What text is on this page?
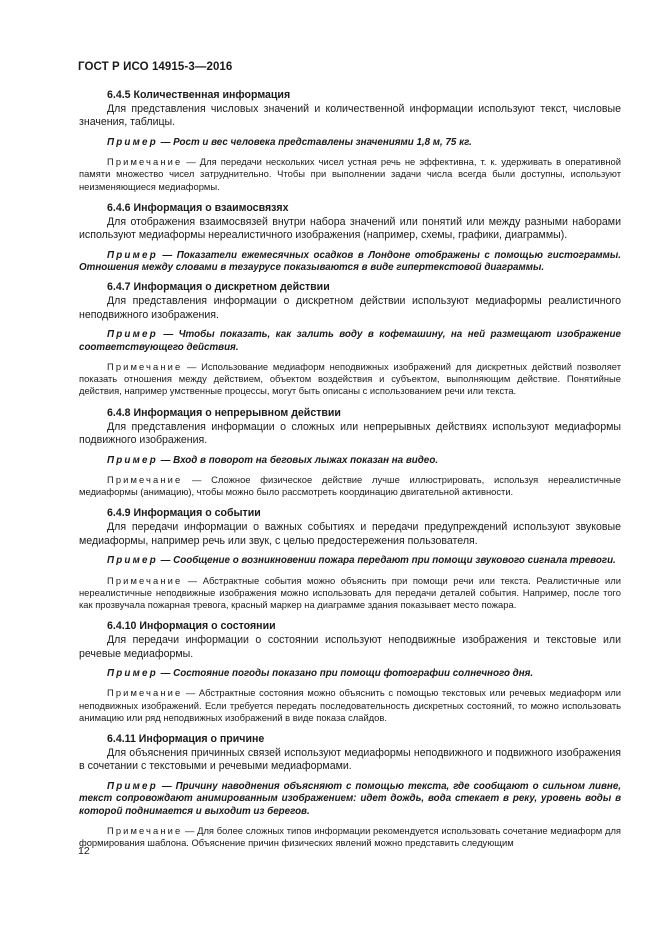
ГОСТ Р ИСО 14915-3—2016
6.4.5 Количественная информация
Для представления числовых значений и количественной информации используют текст, числовые значения, таблицы.
Пример — Рост и вес человека представлены значениями 1,8 м, 75 кг.
Примечание — Для передачи нескольких чисел устная речь не эффективна, т. к. удерживать в оперативной памяти множество чисел затруднительно. Чтобы при выполнении задачи числа всегда были доступны, используют неизменяющиеся медиаформы.
6.4.6 Информация о взаимосвязях
Для отображения взаимосвязей внутри набора значений или понятий или между разными наборами используют медиаформы нереалистичного изображения (например, схемы, графики, диаграммы).
Пример — Показатели ежемесячных осадков в Лондоне отображены с помощью гистограммы. Отношения между словами в тезаурусе показываются в виде гипертекстовой диаграммы.
6.4.7 Информация о дискретном действии
Для представления информации о дискретном действии используют медиаформы реалистичного неподвижного изображения.
Пример — Чтобы показать, как залить воду в кофемашину, на ней размещают изображение соответствующего действия.
Примечание — Использование медиаформ неподвижных изображений для дискретных действий позволяет показать отношения между действием, объектом воздействия и субъектом, выполняющим действие. Понятийные действия, например умственные процессы, могут быть описаны с использованием речи или текста.
6.4.8 Информация о непрерывном действии
Для представления информации о сложных или непрерывных действиях используют медиаформы подвижного изображения.
Пример — Вход в поворот на беговых лыжах показан на видео.
Примечание — Сложное физическое действие лучше иллюстрировать, используя нереалистичные медиаформы (анимацию), чтобы можно было рассмотреть координацию двигательной активности.
6.4.9 Информация о событии
Для передачи информации о важных событиях и передачи предупреждений используют звуковые медиаформы, например речь или звук, с целью предостережения пользователя.
Пример — Сообщение о возникновении пожара передают при помощи звукового сигнала тревоги.
Примечание — Абстрактные события можно объяснить при помощи речи или текста. Реалистичные или нереалистичные неподвижные изображения можно использовать для передачи деталей события. Например, после того как прозвучала пожарная тревога, красный маркер на диаграмме здания показывает место пожара.
6.4.10 Информация о состоянии
Для передачи информации о состоянии используют неподвижные изображения и текстовые или речевые медиаформы.
Пример — Состояние погоды показано при помощи фотографии солнечного дня.
Примечание — Абстрактные состояния можно объяснить с помощью текстовых или речевых медиаформ или неподвижных изображений. Если требуется передать последовательность дискретных состояний, то можно использовать анимацию или ряд неподвижных изображений в виде показа слайдов.
6.4.11 Информация о причине
Для объяснения причинных связей используют медиаформы неподвижного и подвижного изображения в сочетании с текстовыми и речевыми медиаформами.
Пример — Причину наводнения объясняют с помощью текста, где сообщают о сильном ливне, текст сопровождают анимированным изображением: идет дождь, вода стекает в реку, уровень воды в которой поднимается и выходит из берегов.
Примечание — Для более сложных типов информации рекомендуется использовать сочетание медиаформ для формирования шаблона. Объяснение причин физических явлений можно представить следующим
12
